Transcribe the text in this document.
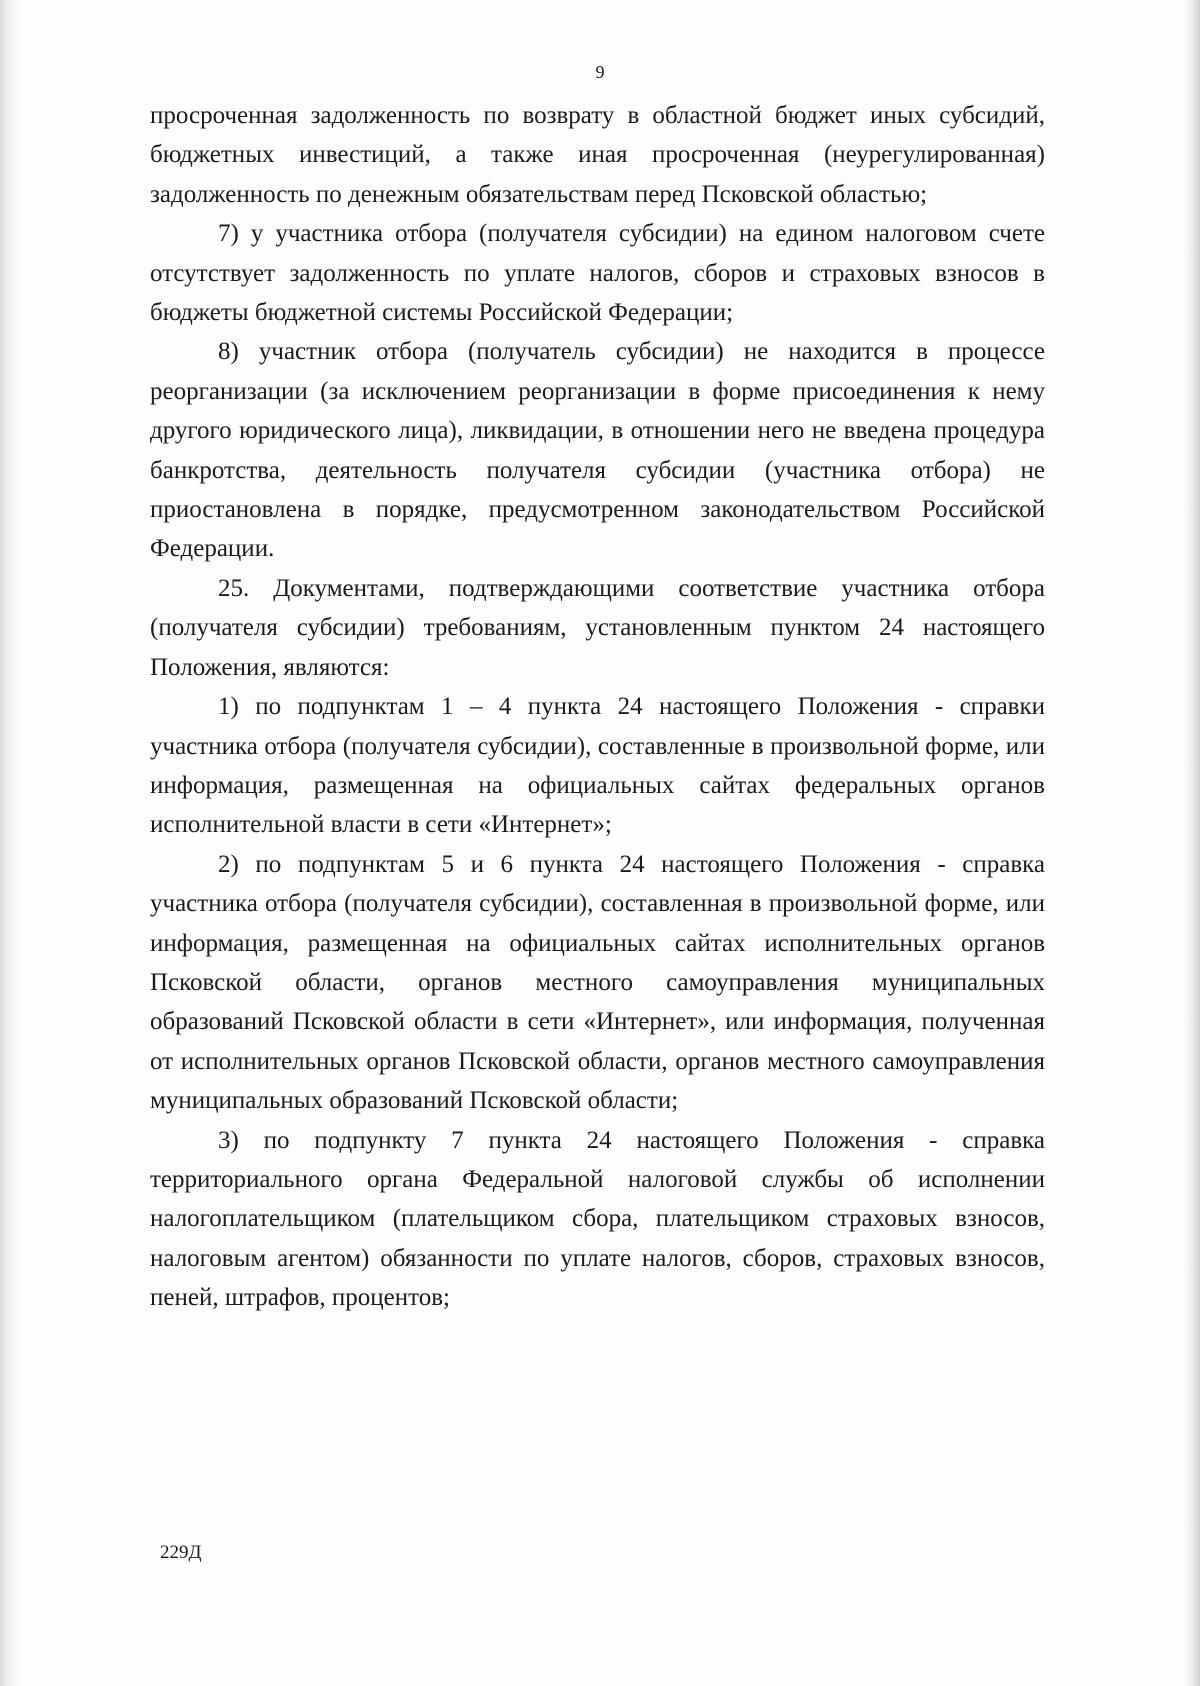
9

просроченная задолженность по возврату в областной бюджет иных субсидий, бюджетных инвестиций, а также иная просроченная (неурегулированная) задолженность по денежным обязательствам перед Псковской областью;

7) у участника отбора (получателя субсидии) на едином налоговом счете отсутствует задолженность по уплате налогов, сборов и страховых взносов в бюджеты бюджетной системы Российской Федерации;

8) участник отбора (получатель субсидии) не находится в процессе реорганизации (за исключением реорганизации в форме присоединения к нему другого юридического лица), ликвидации, в отношении него не введена процедура банкротства, деятельность получателя субсидии (участника отбора) не приостановлена в порядке, предусмотренном законодательством Российской Федерации.

25. Документами, подтверждающими соответствие участника отбора (получателя субсидии) требованиям, установленным пунктом 24 настоящего Положения, являются:

1) по подпунктам 1 – 4 пункта 24 настоящего Положения - справки участника отбора (получателя субсидии), составленные в произвольной форме, или информация, размещенная на официальных сайтах федеральных органов исполнительной власти в сети «Интернет»;

2) по подпунктам 5 и 6 пункта 24 настоящего Положения - справка участника отбора (получателя субсидии), составленная в произвольной форме, или информация, размещенная на официальных сайтах исполнительных органов Псковской области, органов местного самоуправления муниципальных образований Псковской области в сети «Интернет», или информация, полученная от исполнительных органов Псковской области, органов местного самоуправления муниципальных образований Псковской области;

3) по подпункту 7 пункта 24 настоящего Положения - справка территориального органа Федеральной налоговой службы об исполнении налогоплательщиком (плательщиком сбора, плательщиком страховых взносов, налоговым агентом) обязанности по уплате налогов, сборов, страховых взносов, пеней, штрафов, процентов;

229Д
